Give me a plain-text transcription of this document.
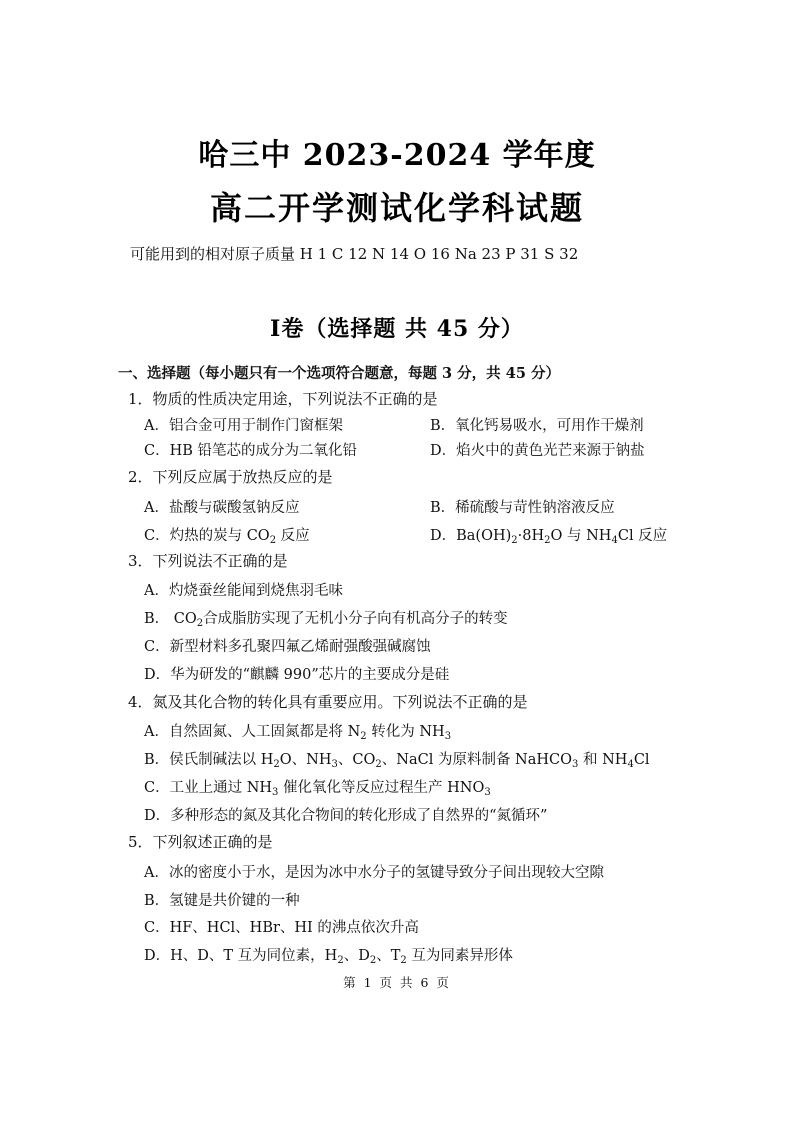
哈三中 2023-2024 学年度
高二开学测试化学科试题
可能用到的相对原子质量 H 1 C 12 N 14 O 16 Na 23 P 31 S 32
I卷（选择题 共 45 分）
一、选择题（每小题只有一个选项符合题意，每题 3 分，共 45 分）
1．物质的性质决定用途，下列说法不正确的是
A．铝合金可用于制作门窗框架	B．氧化钙易吸水，可用作干燥剂
C．HB 铅笔芯的成分为二氧化铅	D．焰火中的黄色光芒来源于钠盐
2．下列反应属于放热反应的是
A．盐酸与碳酸氢钠反应	B．稀硫酸与苛性钠溶液反应
C．灼热的炭与 $CO_2$ 反应	D．$Ba(OH)_2\cdot 8H_2O$ 与 $NH_4Cl$ 反应
3．下列说法不正确的是
A．灼烧蚕丝能闻到烧焦羽毛味
B． $CO_2$合成脂肪实现了无机小分子向有机高分子的转变
C．新型材料多孔聚四氟乙烯耐强酸强碱腐蚀
D．华为研发的“麒麟 990”芯片的主要成分是硅
4．氮及其化合物的转化具有重要应用。下列说法不正确的是
A．自然固氮、人工固氮都是将 $N_2$ 转化为 $NH_3$
B．侯氏制碱法以 $H_2O$、$NH_3$、$CO_2$、NaCl 为原料制备 NaHCO$_3$ 和 $NH_4Cl$
C．工业上通过 $NH_3$ 催化氧化等反应过程生产 $HNO_3$
D．多种形态的氮及其化合物间的转化形成了自然界的“氮循环”
5．下列叙述正确的是
A．冰的密度小于水，是因为冰中水分子的氢键导致分子间出现较大空隙
B．氢键是共价键的一种
C．HF、HCl、HBr、HI 的沸点依次升高
D．H、D、T 互为同位素，$H_2$、$D_2$、$T_2$ 互为同素异形体
第 1 页 共 6 页
